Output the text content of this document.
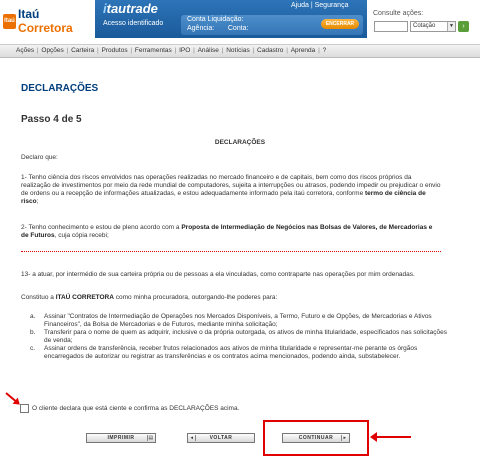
Itaú Itaú Corretora
itautrade
Acesso identificado
Ajuda | Segurança
Conta Liquidação:
Agência: Conta:
ENCERRAR
Consulte ações:
Cotação	▼	›
Ações | Opções | Carteira | Produtos | Ferramentas | IPO | Análise | Notícias | Cadastro | Aprenda | ?
DECLARAÇÕES
Passo 4 de 5
DECLARAÇÕES
Declaro que:
1- Tenho ciência dos riscos envolvidos nas operações realizadas no mercado financeiro e de capitais, bem como dos riscos próprios da realização de investimentos por meio da rede mundial de computadores, sujeita a interrupções ou atrasos, podendo impedir ou prejudicar o envio de ordens ou a recepção de informações atualizadas, e estou adequadamente informado pela itaú corretora, conforme termo de ciência de risco;
2- Tenho conhecimento e estou de pleno acordo com a Proposta de Intermediação de Negócios nas Bolsas de Valores, de Mercadorias e de Futuros, cuja cópia recebi;
13- a atuar, por intermédio de sua carteira própria ou de pessoas a ela vinculadas, como contraparte nas operações por mim ordenadas.
Constituo a ITAÚ CORRETORA como minha procuradora, outorgando-lhe poderes para:
a. Assinar "Contratos de Intermediação de Operações nos Mercados Disponíveis, a Termo, Futuro e de Opções, de Mercadorias e Ativos Financeiros", da Bolsa de Mercadorias e de Futuros, mediante minha solicitação;
b. Transferir para o nome de quem as adquirir, inclusive o da própria outorgada, os ativos de minha titularidade, especificados nas solicitações de venda;
c. Assinar ordens de transferência, receber frutos relacionados aos ativos de minha titularidade e representar-me perante os órgãos encarregados de autorizar ou registrar as transferências e os contratos acima mencionados, podendo ainda, substabelecer.
O cliente declara que está ciente e confirma as DECLARAÇÕES acima.
IMPRIMIR	▤	◂	VOLTAR	CONTINUAR	▸
